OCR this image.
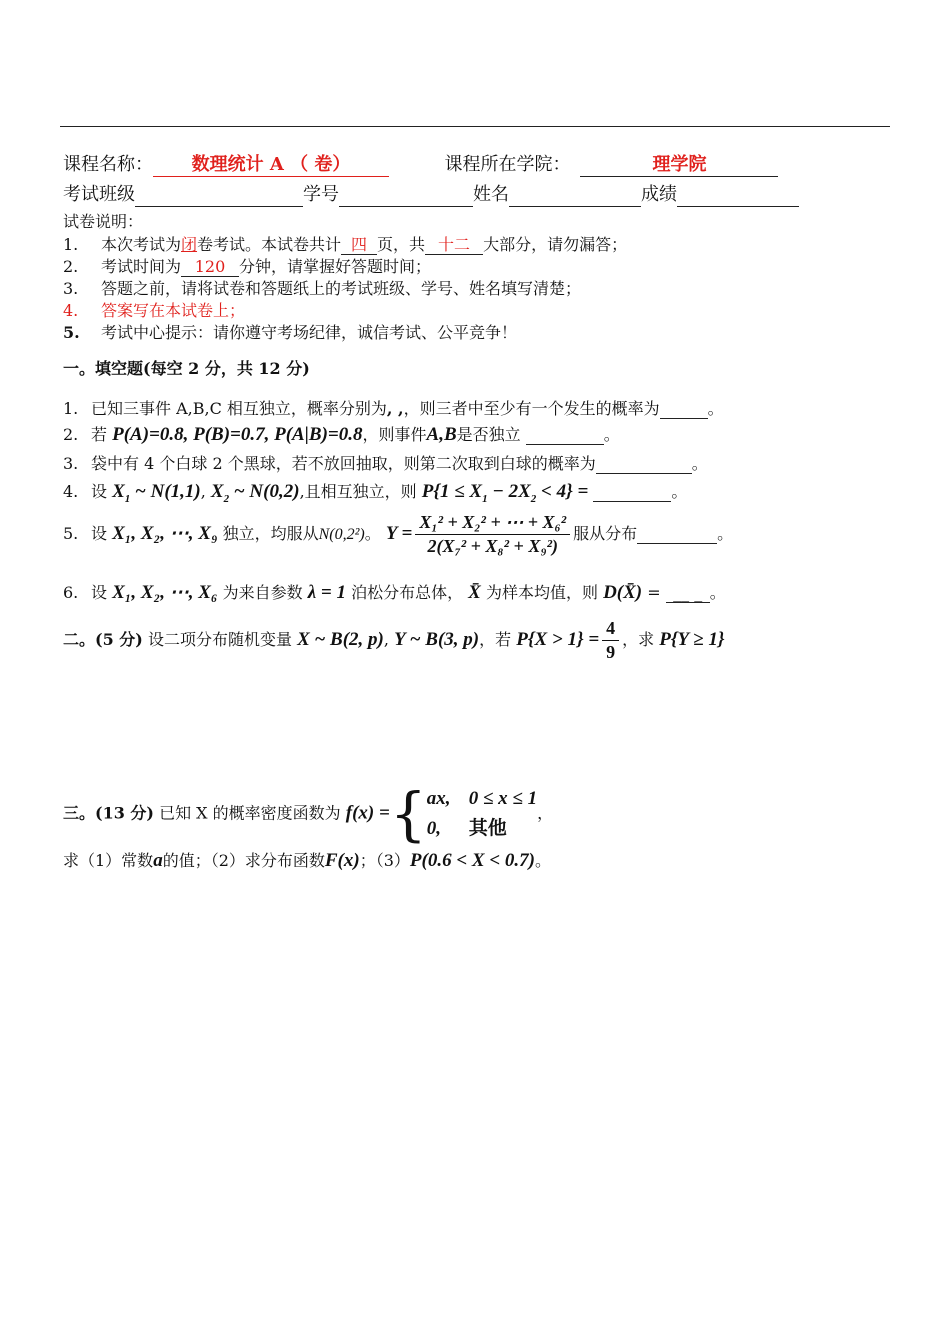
课程名称： 数理统计 A （ 卷）	课程所在学院：	理学院
考试班级	学号	姓名	成绩
试卷说明：
1. 本次考试为闭卷考试。本试卷共计 四 页，共 十二 大部分，请勿漏答；
2. 考试时间为 120 分钟，请掌握好答题时间；
3. 答题之前，请将试卷和答题纸上的考试班级、学号、姓名填写清楚；
4. 答案写在本试卷上；
5. 考试中心提示：请你遵守考场纪律，诚信考试、公平竞争！
一。填空题(每空 2 分，共 12 分)
1. 已知三事件 A,B,C 相互独立，概率分别为, ,，则三者中至少有一个发生的概率为	。
2. 若 P(A)=0.8, P(B)=0.7, P(A|B)=0.8，则事件A,B是否独立	。
3. 袋中有 4 个白球 2 个黑球，若不放回抽取，则第二次取到白球的概率为	。
4. 设 $X_1$ ~ N(1,1), $X_2$ ~ N(0,2),且相互独立，则 $P\{1 \le X_1 - 2X_2 < 4\}$ =	。
5. 设 X₁, X₂, ⋯, X₉ 独立，均服从N(0,2²)。 $Y = \frac{\text{X₁² + X₂² + ⋯ + X₆²}}{\text{2(X₇² + X₈² + X₉²)}}$ 服从分布	。
6. 设 X₁, X₂, ⋯, X₆ 为来自参数 λ = 1 泊松分布总体， X̄ 为样本均值，则 D(X̄) = __ _ 。
二。(5 分) 设二项分布随机变量 X ~ B(2, p), Y ~ B(3, p)，若 $P\{X > 1\} = \frac{4}{9}$ ，求 P{Y ≥ 1}
三。(13 分) 已知 X 的概率密度函数为 f(x) ={ ax, 0 ≤ x ≤ 1
0, 其他
，
求（1）常数a的值；（2）求分布函数F(x)；（3）P(0.6 < X < 0.7)。
